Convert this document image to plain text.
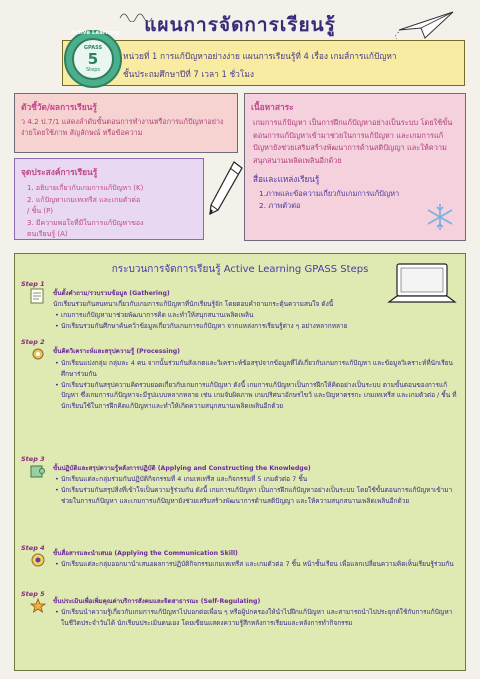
แผนการจัดการเรียนรู้
หน่วยที่ 1 การแก้ปัญหาอย่างง่าย แผนการเรียนรู้ที่ 4 เรื่อง เกมส์การแก้ปัญหา
ชั้นประถมศึกษาปีที่ 7 เวลา 1 ชั่วโมง
Active Learning
GPASS
5
Steps
ตัวชี้วัด/ผลการเรียนรู้
ว 4.2 ป.7/1 แสดงลำดับขั้นตอนการทำงานหรือการแก้ปัญหาอย่างง่ายโดยใช้ภาพ สัญลักษณ์ หรือข้อความ
จุดประสงค์การเรียนรู้
1. อธิบายเกี่ยวกับเกมการแก้ปัญหา (K)
2. แก้ปัญหาเกมเทเทรีส และเกมตัวต่อ
/ ชิ้น (P)
3. มีความพอใจที่มีในการแก้ปัญหาของ
ตนเรียนรู้ (A)
เนื้อหาสาระ
เกมการแก้ปัญหา เป็นการฝึกแก้ปัญหาอย่างเป็นระบบ โดยใช้ขั้นตอนการแก้ปัญหาเข้ามาช่วยในการแก้ปัญหา และเกมการแก้ปัญหายังช่วยเสริมสร้างพัฒนาการด้านสติปัญญา และให้ความสนุกสนานเพลิดเพลินอีกด้วย
สื่อและแหล่งเรียนรู้
1.ภาพและข้อความเกี่ยวกับเกมการแก้ปัญหา
2. ภาพตัวต่อ
กระบวนการจัดการเรียนรู้ Active Learning GPASS Steps
Step 1
ขั้นตั้งคำถาม/รวบรวมข้อมูล (Gathering)
นักเรียนร่วมกันสนทนาเกี่ยวกับเกมการแก้ปัญหาที่นักเรียนรู้จัก โดยตอบคำถามกระตุ้นความสนใจ ดังนี้
• เกมการแก้ปัญหามาช่วยพัฒนาการคิด และทำให้สนุกสนานเพลิดเพลิน
• นักเรียนรวมกันศึกษาค้นคว้าข้อมูลเกี่ยวกับเกมการแก้ปัญหา จากแหล่งการเรียนรู้ต่าง ๆ อย่างหลากหลาย
Step 2
ขั้นคิดวิเคราะห์และสรุปความรู้ (Processing)
• นักเรียนแบ่งกลุ่ม กลุ่มละ 4 คน จากนั้นร่วมกันสังเกตและวิเคราะห์ข้อสรุปจากข้อมูลที่ได้เกี่ยวกับเกมการแก้ปัญหา และข้อมูลวิเคราะห์ที่นักเรียนศึกษาร่วมกัน
• นักเรียนร่วมกันสรุปความคิดรวบยอดเกี่ยวกับเกมการแก้ปัญหา ดังนี้ เกมการแก้ปัญหาเป็นการฝึกให้คิดอย่างเป็นระบบ ตามขั้นตอนของการแก้ปัญหา ซึ่งเกมการแก้ปัญหาจะมีรูปแบบหลากหลาย เช่น เกมจับผิดภาพ เกมปริศนาอักษรไขว้ และปัญหาตรรกะ เกมเทเทรีส และเกมตัวต่อ / ชิ้น ที่นักเรียนใช้ในการฝึกคิดแก้ปัญหาและทำให้เกิดความสนุกสนานเพลิดเพลินอีกด้วย
Step 3
ขั้นปฏิบัติและสรุปความรู้หลังการปฏิบัติ (Applying and Constructing the Knowledge)
• นักเรียนแต่ละกลุ่มร่วมกันปฏิบัติกิจกรรมที่ 4 เกมเทเทรีส และกิจกรรมที่ 5 เกมตัวต่อ 7 ชิ้น
• นักเรียนร่วมกันสรุปสิ่งที่เข้าใจเป็นความรู้ร่วมกัน ดังนี้ เกมการแก้ปัญหา เป็นการฝึกแก้ปัญหาอย่างเป็นระบบ โดยใช้ขั้นตอนการแก้ปัญหาเข้ามาช่วยในการแก้ปัญหา และเกมการแก้ปัญหายังช่วยเสริมสร้างพัฒนาการด้านสติปัญญา และให้ความสนุกสนานเพลิดเพลินอีกด้วย
Step 4
ขั้นสื่อสารและนำเสนอ (Applying the Communication Skill)
• นักเรียนแต่ละกลุ่มออกมานำเสนอผลการปฏิบัติกิจกรรมเกมเทเทรีส และเกมตัวต่อ 7 ชิ้น หน้าชั้นเรียน เพื่อแลกเปลี่ยนความคิดเห็นเรียนรู้ร่วมกัน
Step 5
ขั้นประเมินเพื่อเพิ่มคุณค่าบริการสังคมและจิตสาธารณะ (Self-Regulating)
• นักเรียนนำความรู้เกี่ยวกับเกมการแก้ปัญหาไปบอกต่อเพื่อน ๆ หรือผู้ปกครองให้นำไปฝึกแก้ปัญหา และสามารถนำไปประยุกต์ใช้กับการแก้ปัญหาในชีวิตประจำวันได้ นักเรียนประเมินตนเอง โดยเขียนแสดงความรู้สึกหลังการเรียนและหลังการทำกิจกรรม
